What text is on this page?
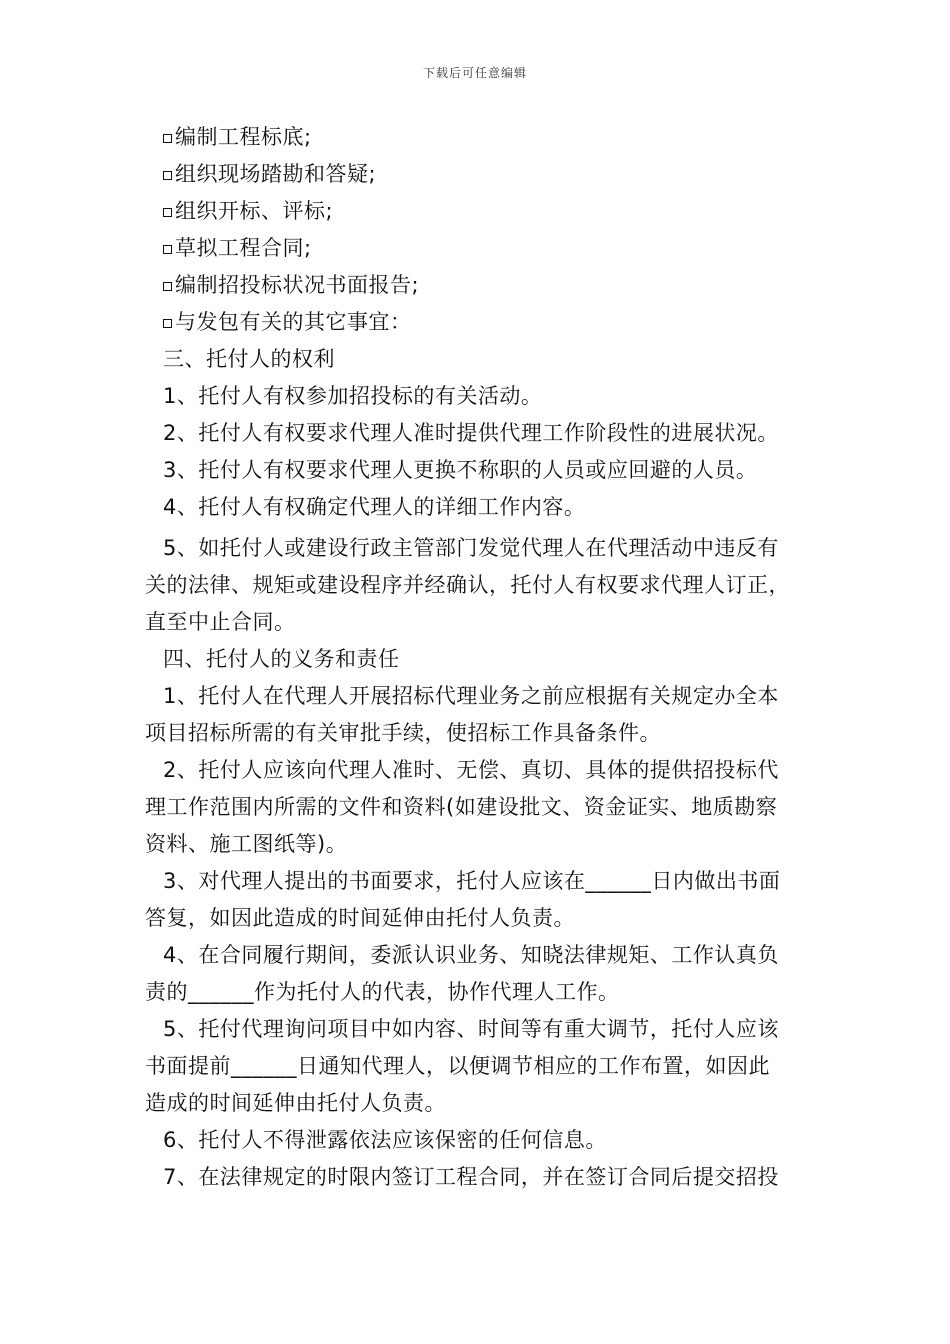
下载后可任意编辑
编制工程标底;
组织现场踏勘和答疑;
组织开标、评标;
草拟工程合同;
编制招投标状况书面报告;
与发包有关的其它事宜：
三、托付人的权利
1、托付人有权参加招投标的有关活动。
2、托付人有权要求代理人准时提供代理工作阶段性的进展状况。
3、托付人有权要求代理人更换不称职的人员或应回避的人员。
4、托付人有权确定代理人的详细工作内容。
5、如托付人或建设行政主管部门发觉代理人在代理活动中违反有
关的法律、规矩或建设程序并经确认，托付人有权要求代理人订正，
直至中止合同。
四、托付人的义务和责任
1、托付人在代理人开展招标代理业务之前应根据有关规定办全本
项目招标所需的有关审批手续，使招标工作具备条件。
2、托付人应该向代理人准时、无偿、真切、具体的提供招投标代
理工作范围内所需的文件和资料(如建设批文、资金证实、地质勘察
资料、施工图纸等)。
3、对代理人提出的书面要求，托付人应该在______日内做出书面
答复，如因此造成的时间延伸由托付人负责。
4、在合同履行期间，委派认识业务、知晓法律规矩、工作认真负
责的______作为托付人的代表，协作代理人工作。
5、托付代理询问项目中如内容、时间等有重大调节，托付人应该
书面提前______日通知代理人，以便调节相应的工作布置，如因此
造成的时间延伸由托付人负责。
6、托付人不得泄露依法应该保密的任何信息。
7、在法律规定的时限内签订工程合同，并在签订合同后提交招投
